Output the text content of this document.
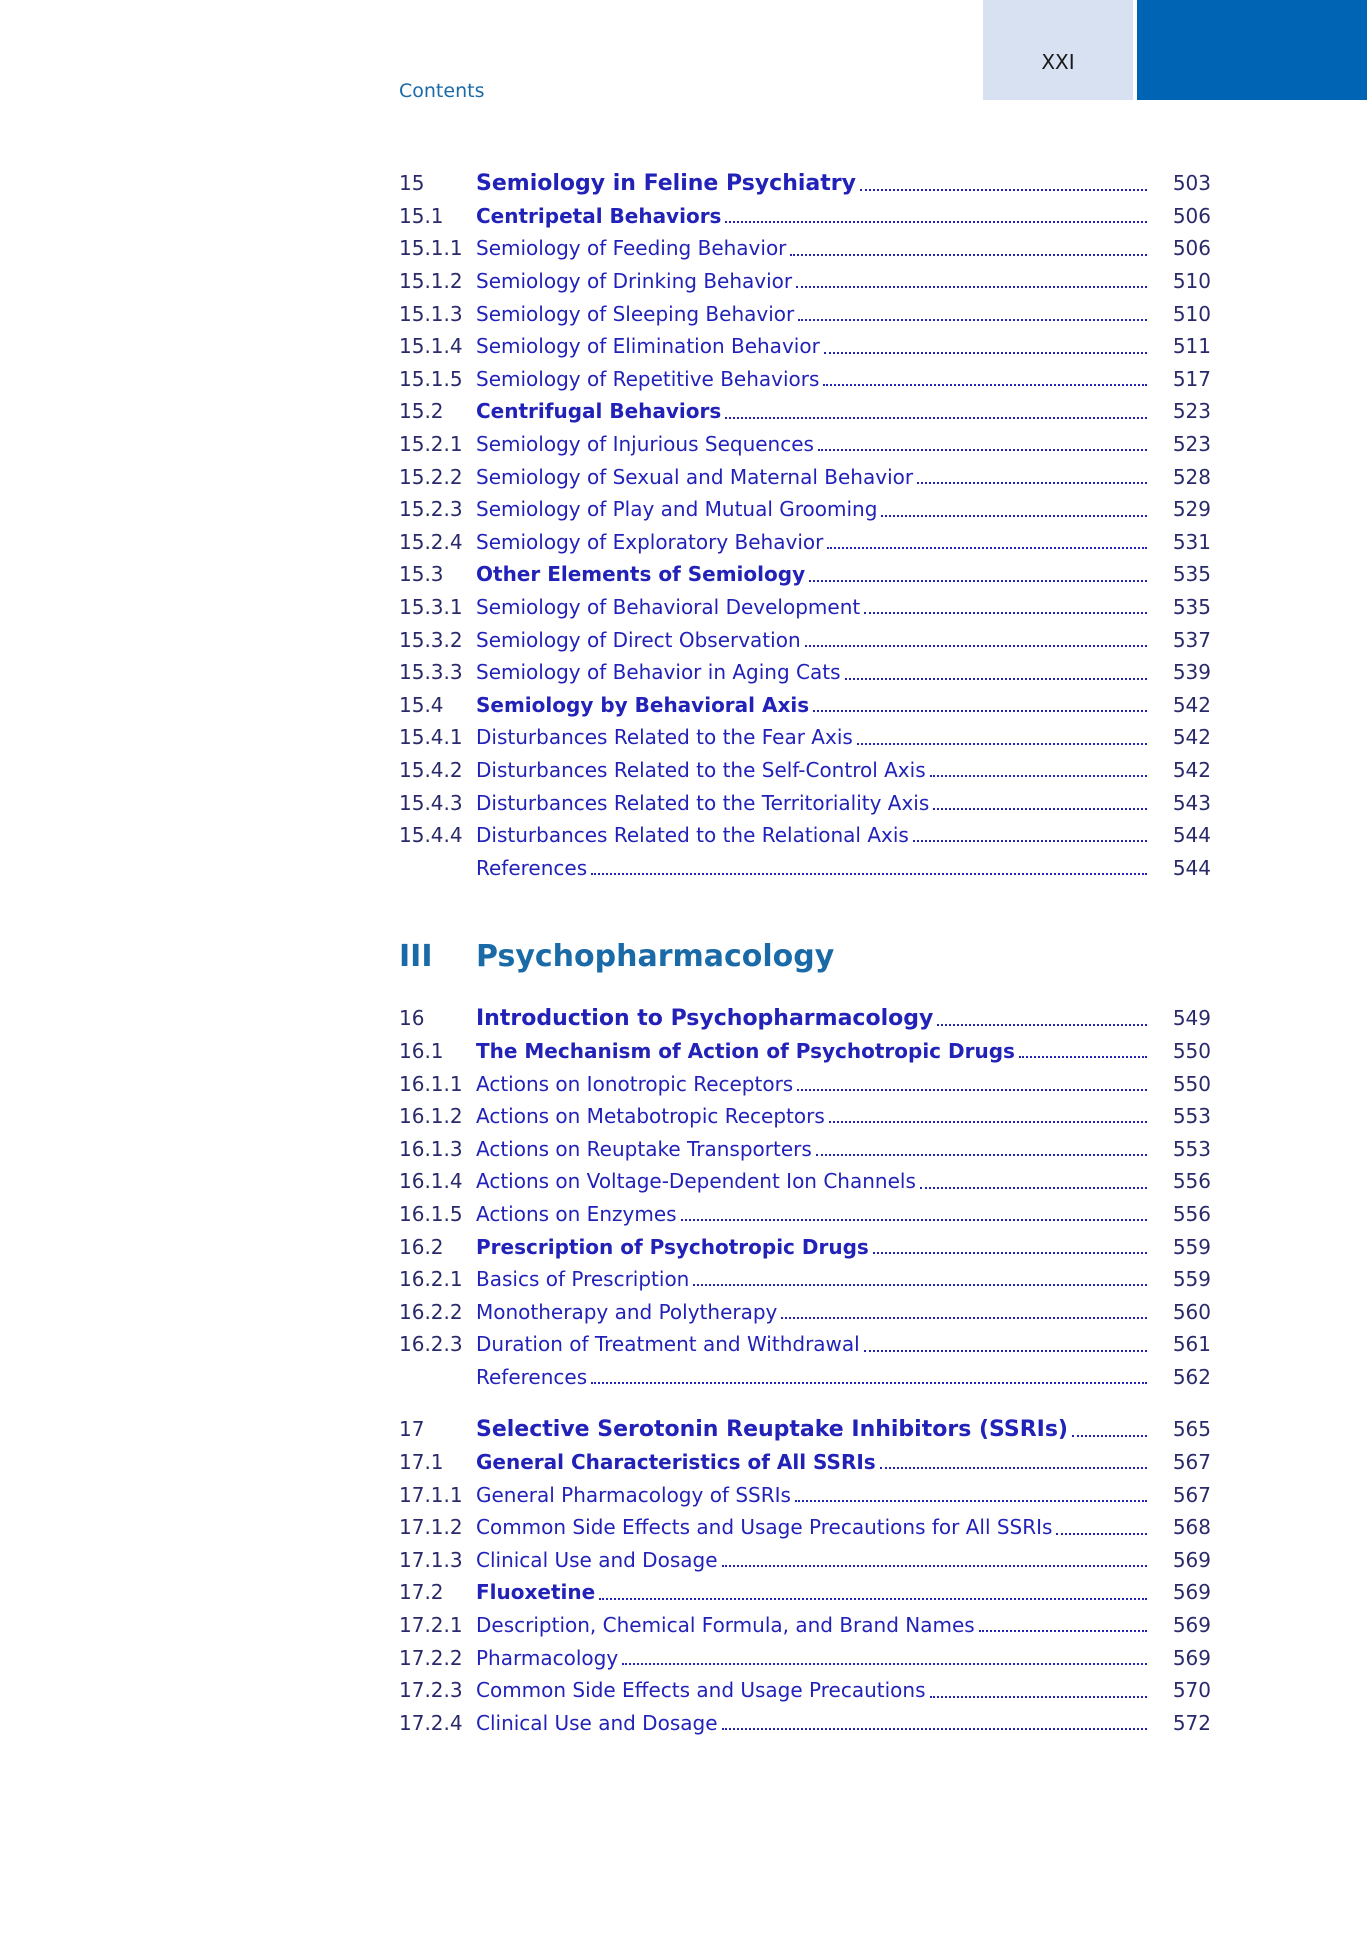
XXI
Contents
15	Semiology in Feline Psychiatry	503
15.1	Centripetal Behaviors	506
15.1.1 Semiology of Feeding Behavior	506
15.1.2 Semiology of Drinking Behavior	510
15.1.3 Semiology of Sleeping Behavior	510
15.1.4 Semiology of Elimination Behavior	511
15.1.5 Semiology of Repetitive Behaviors	517
15.2	Centrifugal Behaviors	523
15.2.1 Semiology of Injurious Sequences	523
15.2.2 Semiology of Sexual and Maternal Behavior	528
15.2.3 Semiology of Play and Mutual Grooming	529
15.2.4 Semiology of Exploratory Behavior	531
15.3	Other Elements of Semiology	535
15.3.1 Semiology of Behavioral Development	535
15.3.2 Semiology of Direct Observation	537
15.3.3 Semiology of Behavior in Aging Cats	539
15.4	Semiology by Behavioral Axis	542
15.4.1 Disturbances Related to the Fear Axis	542
15.4.2 Disturbances Related to the Self-Control Axis	542
15.4.3 Disturbances Related to the Territoriality Axis	543
15.4.4 Disturbances Related to the Relational Axis	544
References	544
III	Psychopharmacology
16	Introduction to Psychopharmacology	549
16.1	The Mechanism of Action of Psychotropic Drugs	550
16.1.1 Actions on Ionotropic Receptors	550
16.1.2 Actions on Metabotropic Receptors	553
16.1.3 Actions on Reuptake Transporters	553
16.1.4 Actions on Voltage-Dependent Ion Channels	556
16.1.5 Actions on Enzymes	556
16.2	Prescription of Psychotropic Drugs	559
16.2.1 Basics of Prescription	559
16.2.2 Monotherapy and Polytherapy	560
16.2.3 Duration of Treatment and Withdrawal	561
References	562
17	Selective Serotonin Reuptake Inhibitors (SSRIs)	565
17.1	General Characteristics of All SSRIs	567
17.1.1 General Pharmacology of SSRIs	567
17.1.2 Common Side Effects and Usage Precautions for All SSRIs	568
17.1.3 Clinical Use and Dosage	569
17.2	Fluoxetine	569
17.2.1 Description, Chemical Formula, and Brand Names	569
17.2.2 Pharmacology	569
17.2.3 Common Side Effects and Usage Precautions	570
17.2.4 Clinical Use and Dosage	572
